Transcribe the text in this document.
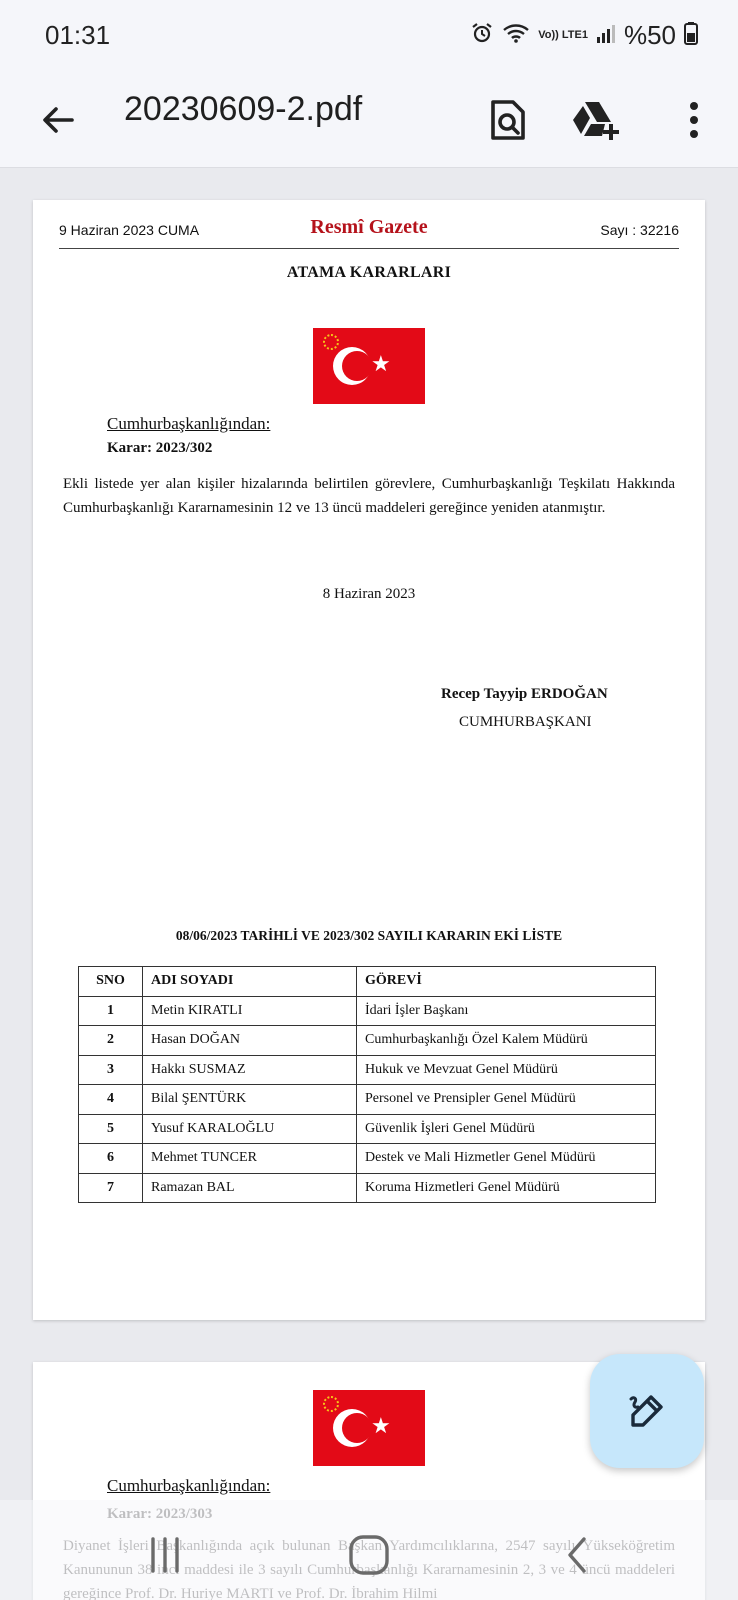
01:31	Vo)) LTE1 %50
20230609-2.pdf
9 Haziran 2023 CUMA	Resmî Gazete	Sayı : 32216
ATAMA KARARLARI
★
Cumhurbaşkanlığından:
Karar: 2023/302
Ekli listede yer alan kişiler hizalarında belirtilen görevlere, Cumhurbaşkanlığı Teşkilatı Hakkında Cumhurbaşkanlığı Kararnamesinin 12 ve 13 üncü maddeleri gereğince yeniden atanmıştır.
8 Haziran 2023
Recep Tayyip ERDOĞAN
CUMHURBAŞKANI
08/06/2023 TARİHLİ VE 2023/302 SAYILI KARARIN EKİ LİSTE
SNO	ADI SOYADI	GÖREVİ
1	Metin KIRATLI	İdari İşler Başkanı
2	Hasan DOĞAN	Cumhurbaşkanlığı Özel Kalem Müdürü
3	Hakkı SUSMAZ	Hukuk ve Mevzuat Genel Müdürü
4	Bilal ŞENTÜRK	Personel ve Prensipler Genel Müdürü
5	Yusuf KARALOĞLU	Güvenlik İşleri Genel Müdürü
6	Mehmet TUNCER	Destek ve Mali Hizmetler Genel Müdürü
7	Ramazan BAL	Koruma Hizmetleri Genel Müdürü
★
Cumhurbaşkanlığından:
